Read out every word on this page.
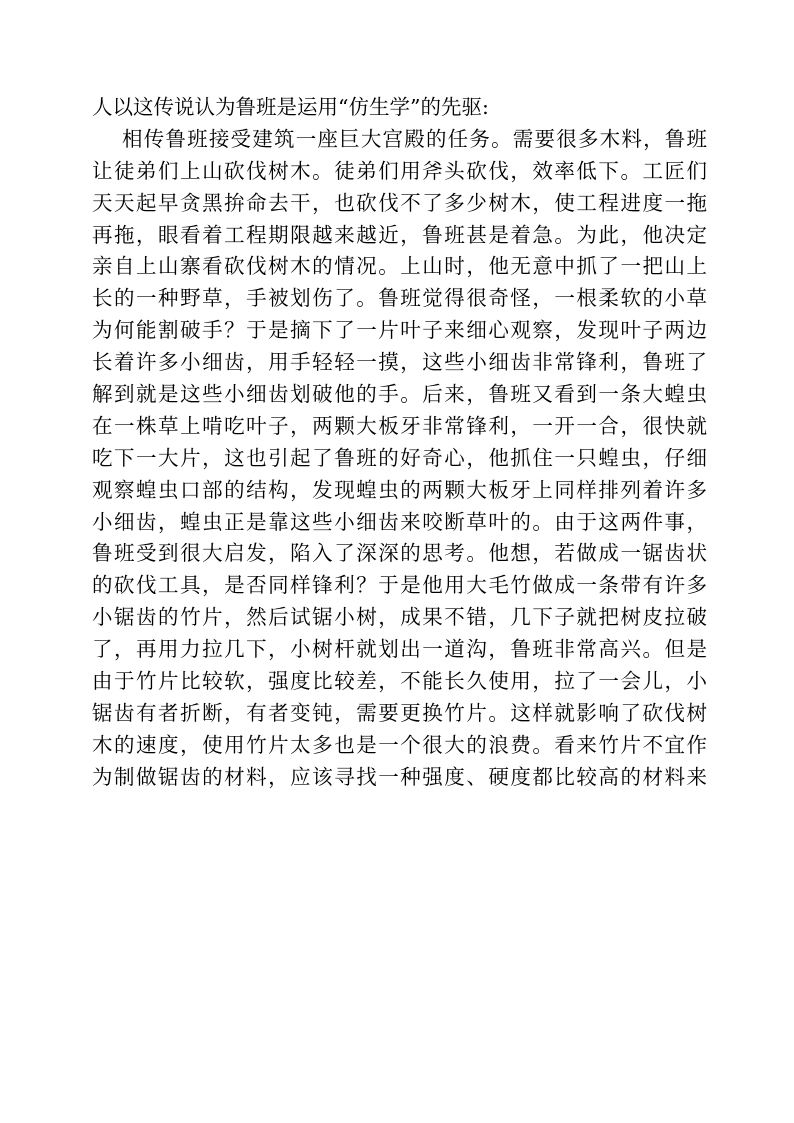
人以这传说认为鲁班是运用“仿生学”的先驱:
相传鲁班接受建筑一座巨大宫殿的任务。需要很多木料，鲁班
让徒弟们上山砍伐树木。徒弟们用斧头砍伐，效率低下。工匠们
天天起早贪黑拚命去干，也砍伐不了多少树木，使工程进度一拖
再拖，眼看着工程期限越来越近，鲁班甚是着急。为此，他决定
亲自上山寨看砍伐树木的情况。上山时，他无意中抓了一把山上
长的一种野草，手被划伤了。鲁班觉得很奇怪，一根柔软的小草
为何能割破手？于是摘下了一片叶子来细心观察，发现叶子两边
长着许多小细齿，用手轻轻一摸，这些小细齿非常锋利，鲁班了
解到就是这些小细齿划破他的手。后来，鲁班又看到一条大蝗虫
在一株草上啃吃叶子，两颗大板牙非常锋利，一开一合，很快就
吃下一大片，这也引起了鲁班的好奇心，他抓住一只蝗虫，仔细
观察蝗虫口部的结构，发现蝗虫的两颗大板牙上同样排列着许多
小细齿，蝗虫正是靠这些小细齿来咬断草叶的。由于这两件事，
鲁班受到很大启发，陷入了深深的思考。他想，若做成一锯齿状
的砍伐工具，是否同样锋利？于是他用大毛竹做成一条带有许多
小锯齿的竹片，然后试锯小树，成果不错，几下子就把树皮拉破
了，再用力拉几下，小树杆就划出一道沟，鲁班非常高兴。但是
由于竹片比较软，强度比较差，不能长久使用，拉了一会儿，小
锯齿有者折断，有者变钝，需要更换竹片。这样就影响了砍伐树
木的速度，使用竹片太多也是一个很大的浪费。看来竹片不宜作
为制做锯齿的材料，应该寻找一种强度、硬度都比较高的材料来
